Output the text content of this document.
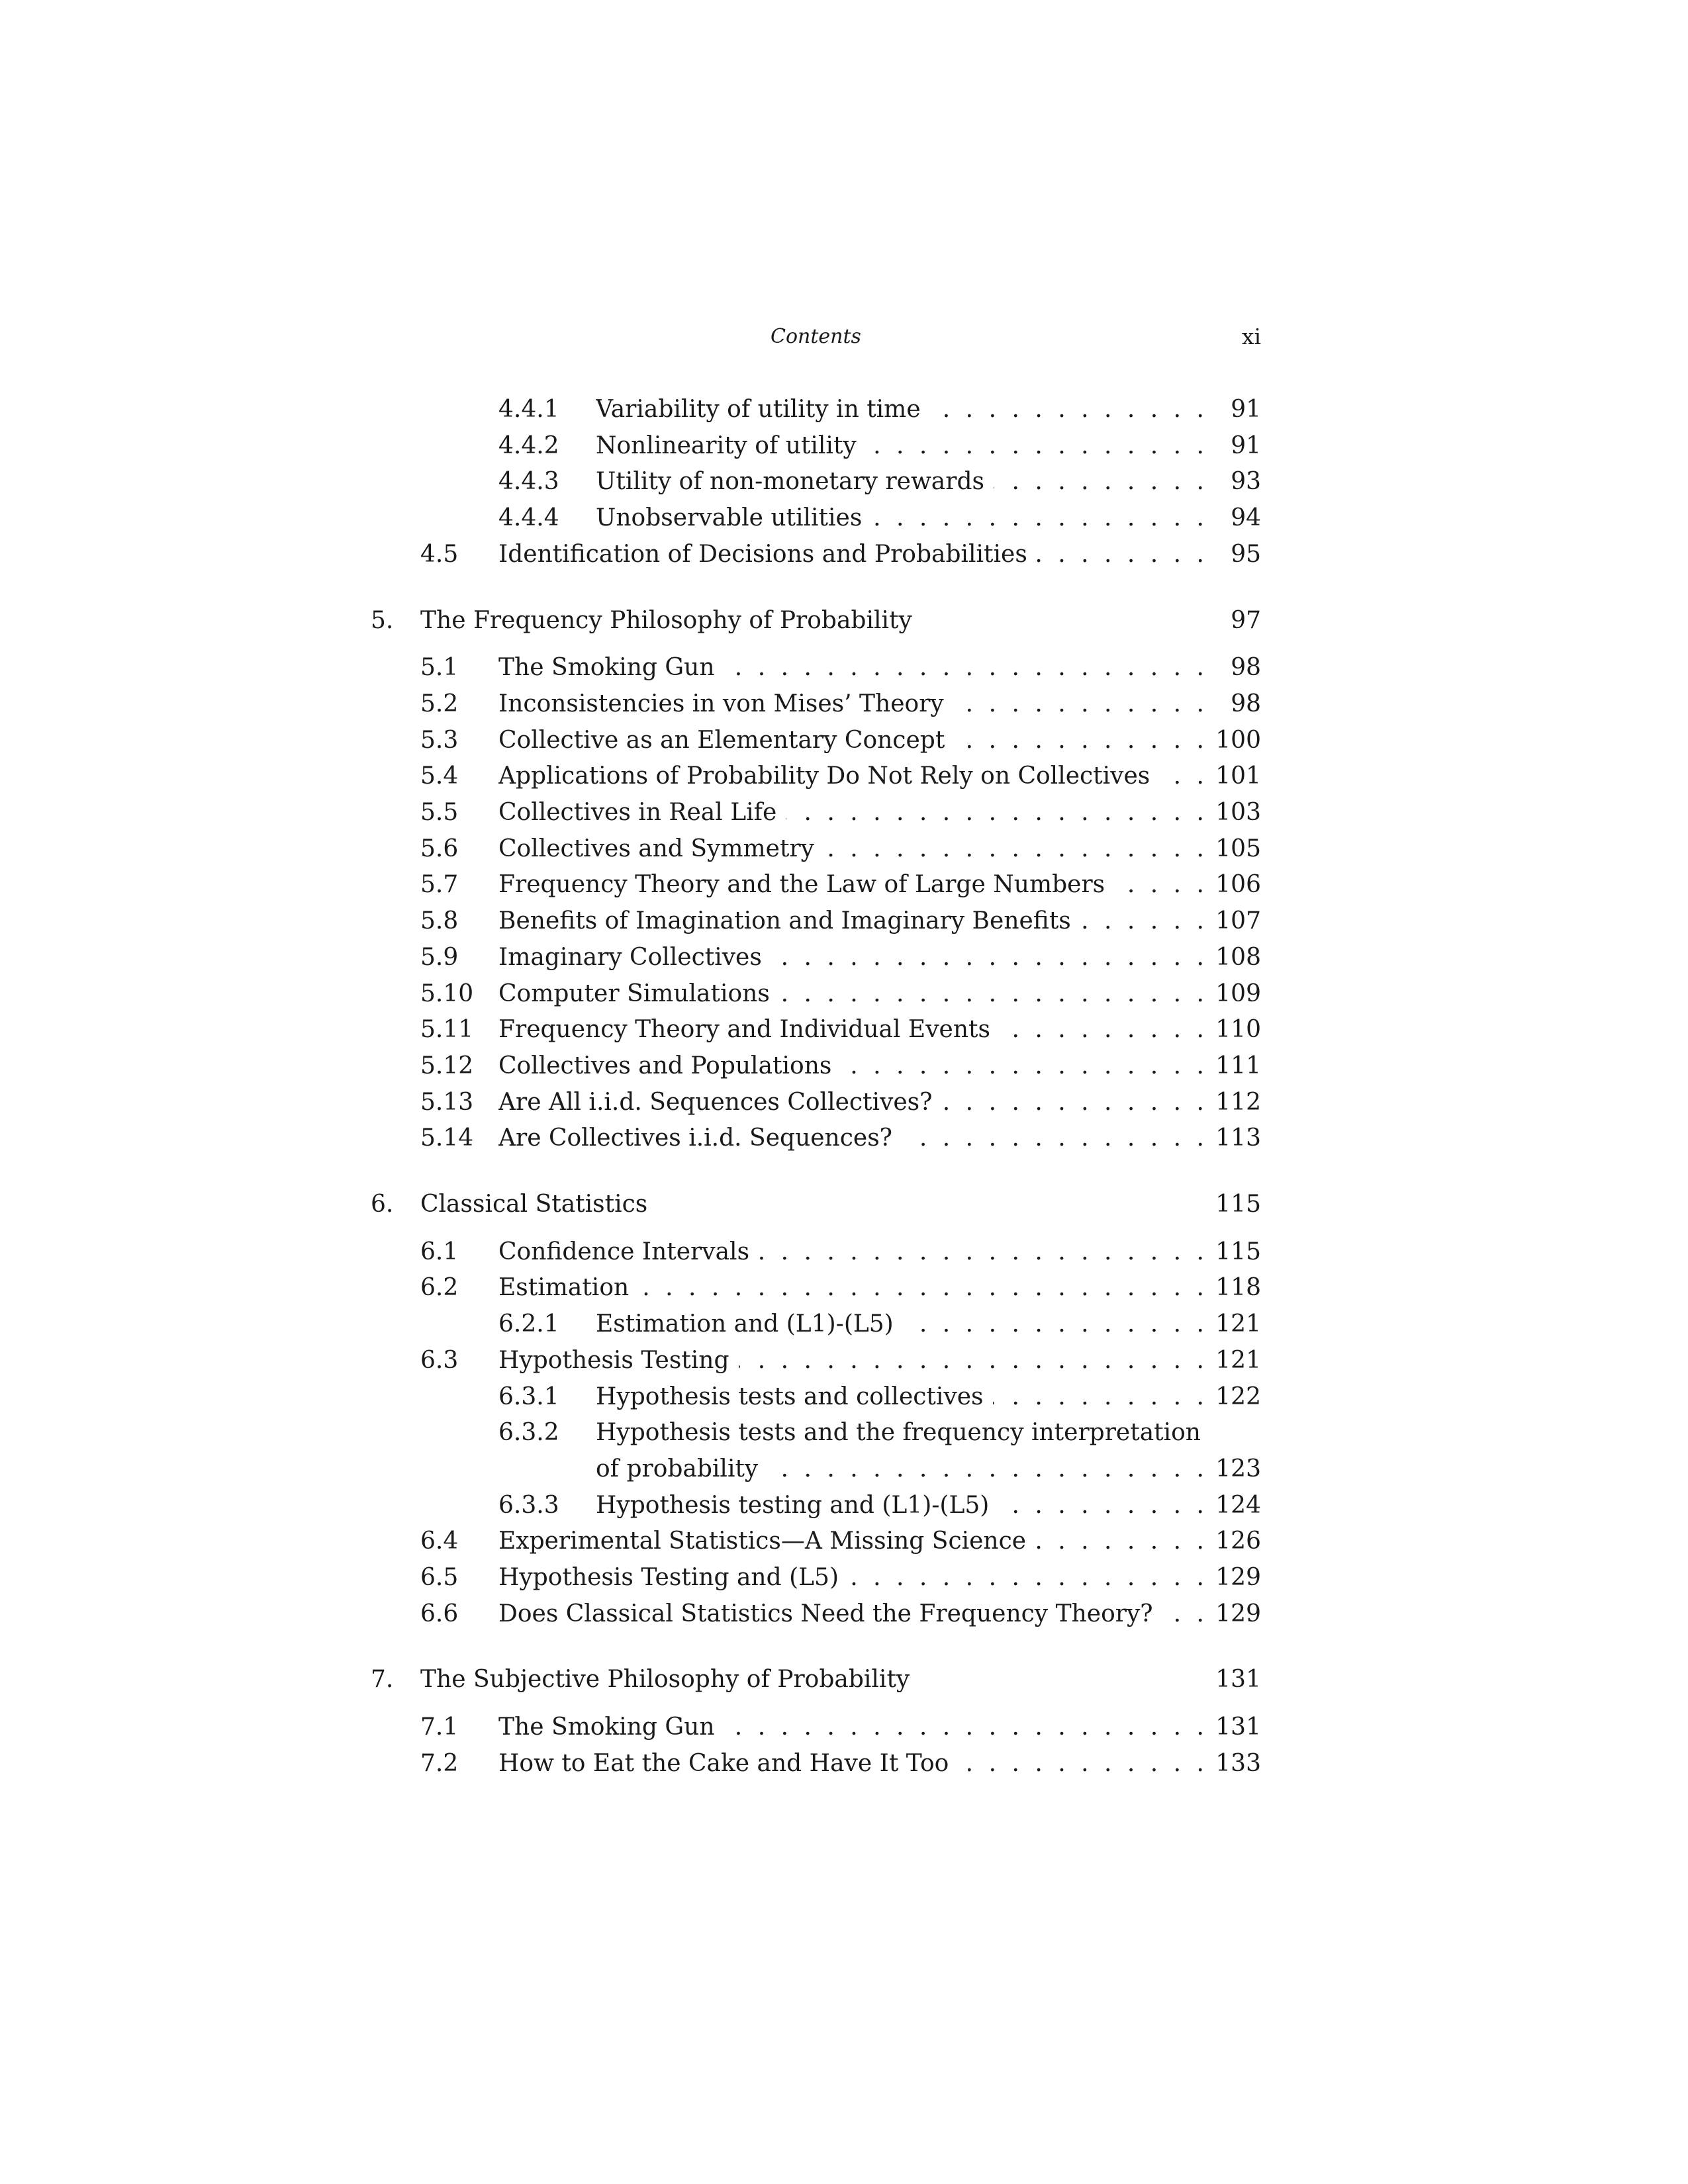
Contents	xi
4.4.1 Variability of utility in time . . .	91
4.4.2 Nonlinearity of utility . . .	91
4.4.3 Utility of non-monetary rewards . . .	93
4.4.4 Unobservable utilities . . .	94
4.5 Identification of Decisions and Probabilities . . .	95
5. The Frequency Philosophy of Probability	97
5.1 The Smoking Gun . . .	98
5.2 Inconsistencies in von Mises’ Theory . . .	98
5.3 Collective as an Elementary Concept . . .	100
5.4 Applications of Probability Do Not Rely on Collectives . . .	101
5.5 Collectives in Real Life . . .	103
5.6 Collectives and Symmetry . . .	105
5.7 Frequency Theory and the Law of Large Numbers . . .	106
5.8 Benefits of Imagination and Imaginary Benefits . . .	107
5.9 Imaginary Collectives . . .	108
5.10 Computer Simulations . . .	109
5.11 Frequency Theory and Individual Events . . .	110
5.12 Collectives and Populations . . .	111
5.13 Are All i.i.d. Sequences Collectives? . . .	112
5.14 Are Collectives i.i.d. Sequences? . . .	113
6. Classical Statistics	115
6.1 Confidence Intervals . . .	115
6.2 Estimation . . .	118
6.2.1 Estimation and (L1)-(L5) . . .	121
6.3 Hypothesis Testing . . .	121
6.3.1 Hypothesis tests and collectives . . .	122
6.3.2 Hypothesis tests and the frequency interpretation
of probability . . .	123
6.3.3 Hypothesis testing and (L1)-(L5) . . .	124
6.4 Experimental Statistics—A Missing Science . . .	126
6.5 Hypothesis Testing and (L5) . . .	129
6.6 Does Classical Statistics Need the Frequency Theory? . . .	129
7. The Subjective Philosophy of Probability	131
7.1 The Smoking Gun . . .	131
7.2 How to Eat the Cake and Have It Too . . .	133
